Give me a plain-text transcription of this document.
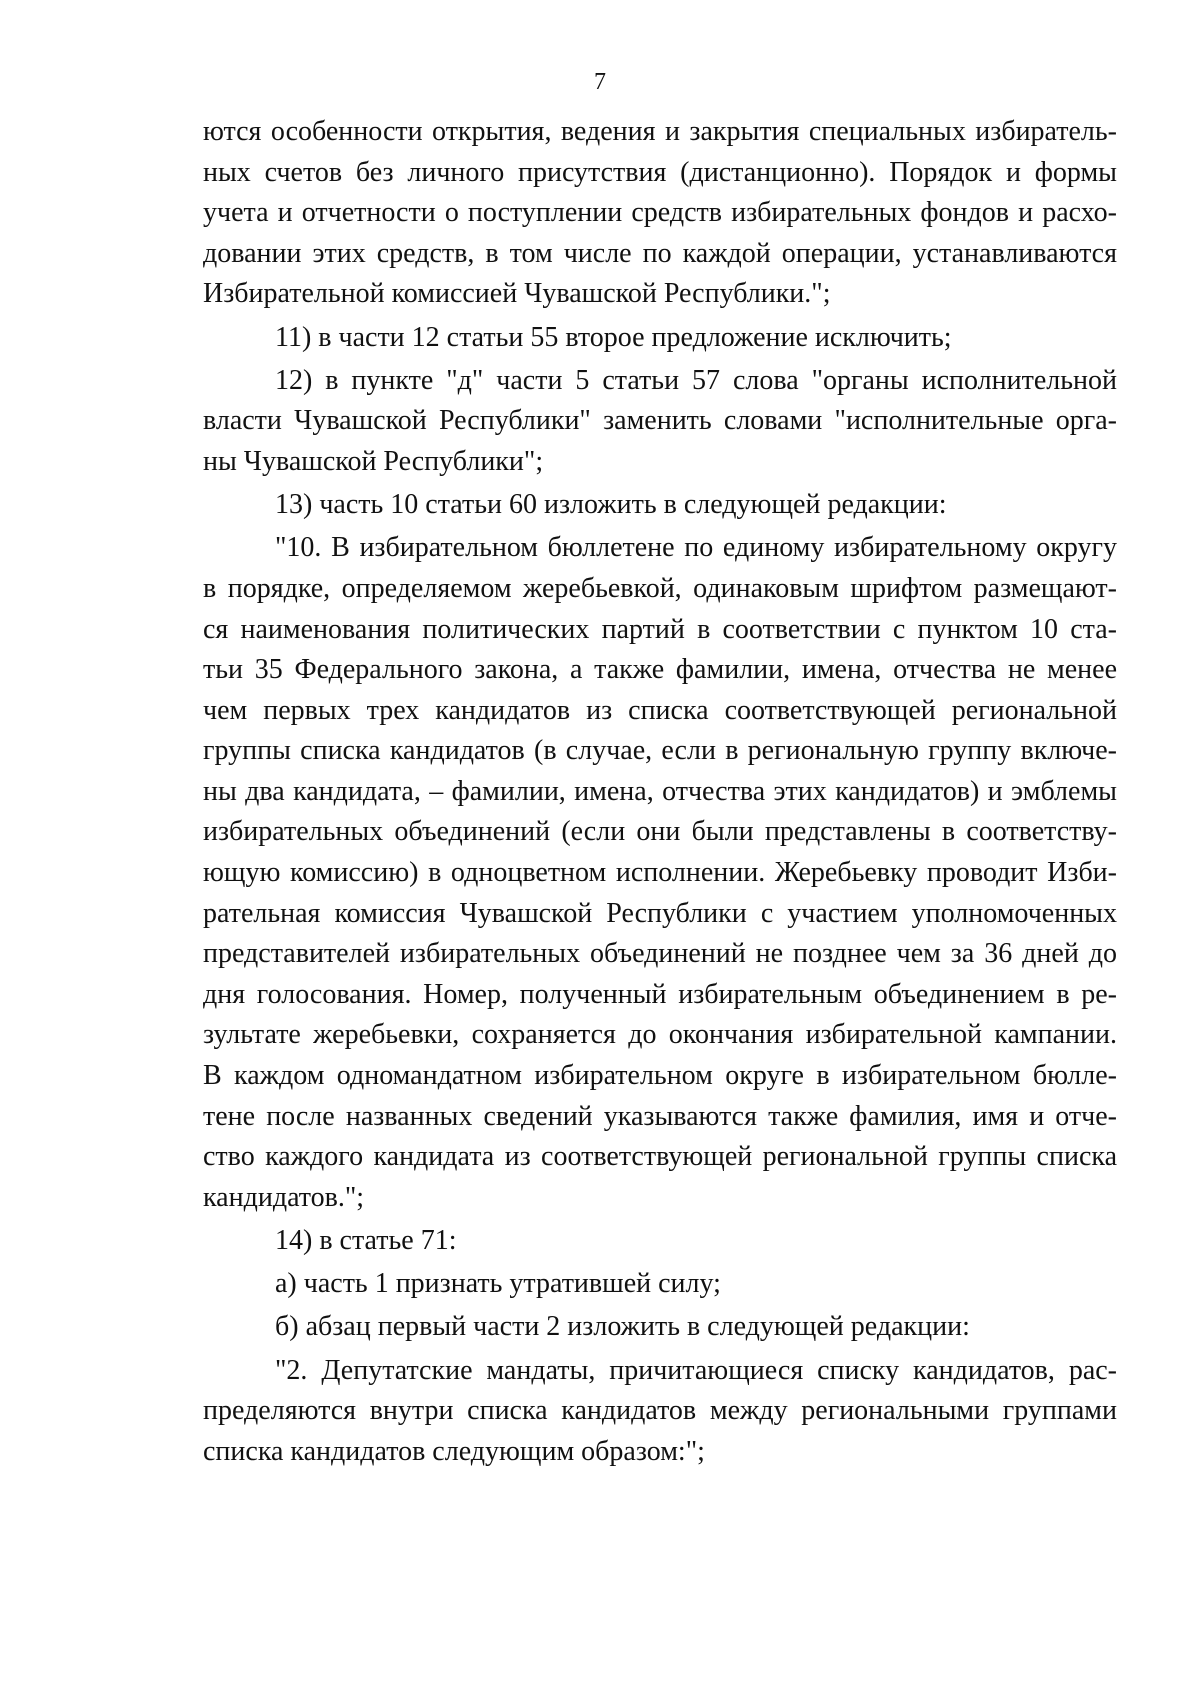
7
ются особенности открытия, ведения и закрытия специальных избиратель-
ных счетов без личного присутствия (дистанционно). Порядок и формы
учета и отчетности о поступлении средств избирательных фондов и расхо-
довании этих средств, в том числе по каждой операции, устанавливаются
Избирательной комиссией Чувашской Республики.";
11) в части 12 статьи 55 второе предложение исключить;
12) в пункте "д" части 5 статьи 57 слова "органы исполнительной
власти Чувашской Республики" заменить словами "исполнительные орга-
ны Чувашской Республики";
13) часть 10 статьи 60 изложить в следующей редакции:
"10. В избирательном бюллетене по единому избирательному округу
в порядке, определяемом жеребьевкой, одинаковым шрифтом размещают-
ся наименования политических партий в соответствии с пунктом 10 ста-
тьи 35 Федерального закона, а также фамилии, имена, отчества не менее
чем первых трех кандидатов из списка соответствующей региональной
группы списка кандидатов (в случае, если в региональную группу включе-
ны два кандидата, – фамилии, имена, отчества этих кандидатов) и эмблемы
избирательных объединений (если они были представлены в соответству-
ющую комиссию) в одноцветном исполнении. Жеребьевку проводит Изби-
рательная комиссия Чувашской Республики с участием уполномоченных
представителей избирательных объединений не позднее чем за 36 дней до
дня голосования. Номер, полученный избирательным объединением в ре-
зультате жеребьевки, сохраняется до окончания избирательной кампании.
В каждом одномандатном избирательном округе в избирательном бюлле-
тене после названных сведений указываются также фамилия, имя и отче-
ство каждого кандидата из соответствующей региональной группы списка
кандидатов.";
14) в статье 71:
а) часть 1 признать утратившей силу;
б) абзац первый части 2 изложить в следующей редакции:
"2. Депутатские мандаты, причитающиеся списку кандидатов, рас-
пределяются внутри списка кандидатов между региональными группами
списка кандидатов следующим образом:";
